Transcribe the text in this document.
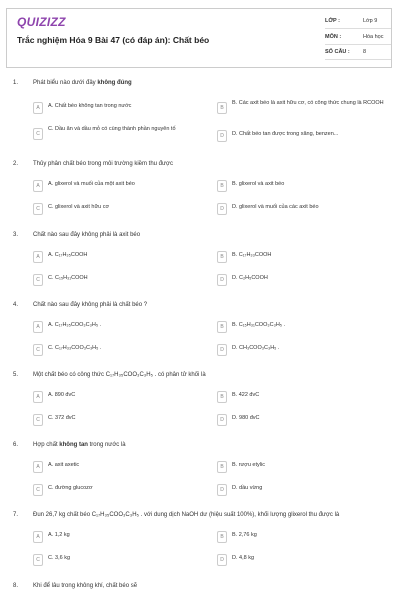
QUIZIZZ
Trắc nghiệm Hóa 9 Bài 47 (có đáp án): Chất béo
LỚP :	Lớp 9
MÔN :	Hóa học
SỐ CÂU : 8
1. Phát biểu nào dưới đây không đúng
A	A. Chất béo không tan trong nước	B
B. Các axit béo là axit hữu cơ, có công thức chung là RCOOH
C
C. Dầu ăn và dầu mỏ có cùng thành phần nguyên tố
D	D. Chất béo tan được trong xăng, benzen...
2. Thủy phân chất béo trong môi trường kiềm thu được
A	A. glixerol và muối của một axit béo	B	B. glixerol và axit béo
C	C. glixerol và axit hữu cơ	D	D. glixerol và muối của các axit béo
3. Chất nào sau đây không phải là axit béo
A	A. C₁₇H₃₅COOH	B	B. C₁₇H₃₃COOH
C	C. C₁₅H₃₁COOH	D	D. C₂H₅COOH
4. Chất nào sau đây không phải là chất béo ?
A	A. C₁₇H₃₅COO₃C₃H₅ .	B	B. C₁₅H₃₁COO₃C₃H₅ .
C	C. C₁₇H₃₃COO₃C₃H₅ .	D	D. CH₃COO₃C₃H₅ .
5. Một chất béo có công thức C₁₇H₃₅COO₃C₃H₅ . có phân tử khối là
A	A. 890 đvC	B	B. 422 đvC
C	C. 372 đvC	D	D. 980 đvC
6. Hợp chất không tan trong nước là
A	A. axit axetic	B	B. rượu etylic
C	C. đường glucozơ	D	D. dầu vừng
7. Đun 26,7 kg chất béo C₁₇H₃₅COO₃C₃H₅ . với dung dịch NaOH dư (hiệu suất 100%), khối lượng glixerol thu được là
A	A. 1,2 kg	B	B. 2,76 kg
C	C. 3,6 kg	D	D. 4,8 kg
8. Khi để lâu trong không khí, chất béo sẽ
